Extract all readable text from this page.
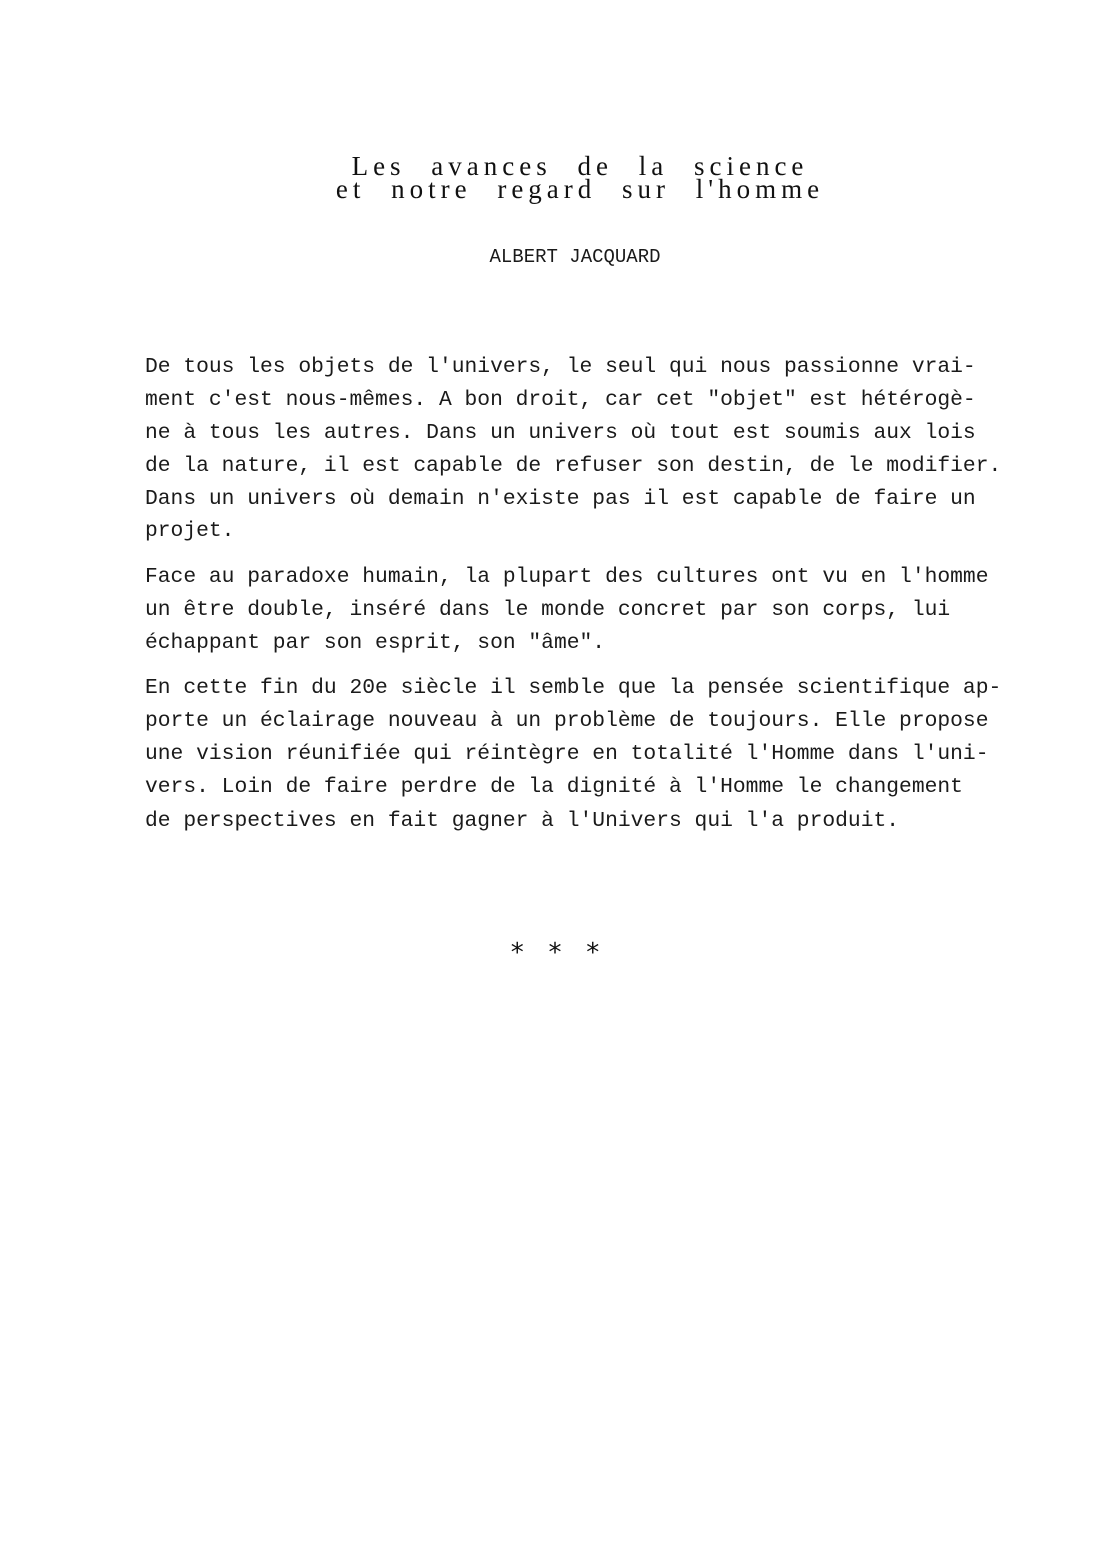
Les avances de la science
et notre regard sur l'homme
ALBERT JACQUARD
De tous les objets de l'univers, le seul qui nous passionne vrai-
ment c'est nous-mêmes. A bon droit, car cet "objet" est hétérogè-
ne à tous les autres. Dans un univers où tout est soumis aux lois
de la nature, il est capable de refuser son destin, de le modifier.
Dans un univers où demain n'existe pas il est capable de faire un
projet.
Face au paradoxe humain, la plupart des cultures ont vu en l'homme
un être double, inséré dans le monde concret par son corps, lui
échappant par son esprit, son "âme".
En cette fin du 20e siècle il semble que la pensée scientifique ap-
porte un éclairage nouveau à un problème de toujours. Elle propose
une vision réunifiée qui réintègre en totalité l'Homme dans l'uni-
vers. Loin de faire perdre de la dignité à l'Homme le changement
de perspectives en fait gagner à l'Univers qui l'a produit.
*   *   *
